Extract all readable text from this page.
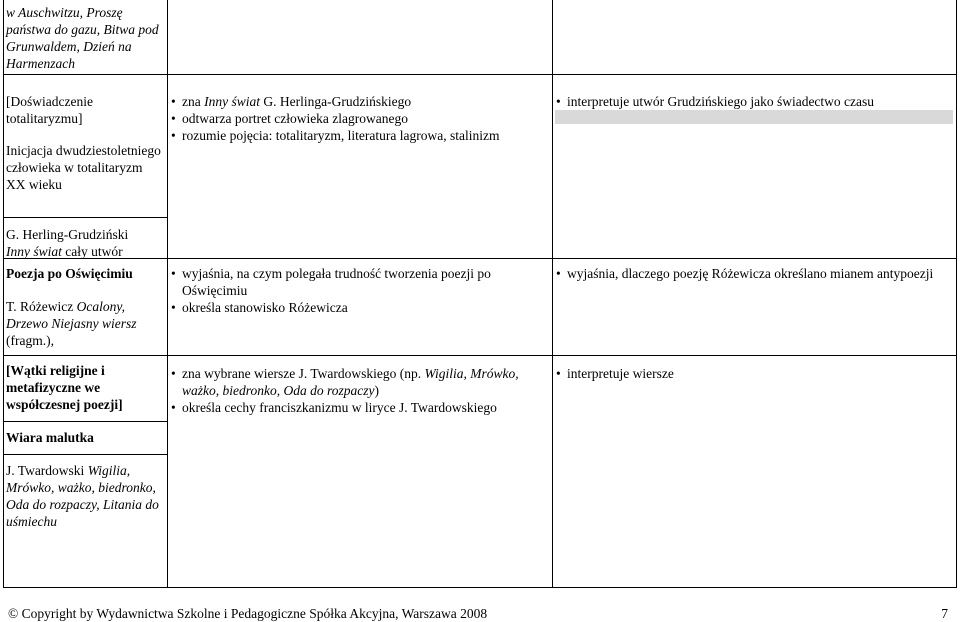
w Auschwitzu, Proszę państwa do gazu, Bitwa pod Grunwaldem, Dzień na Harmenzach
[Doświadczenie totalitaryzmu]
Inicjacja dwudziestoletniego człowieka w totalitaryzm XX wieku
G. Herling-Grudziński
Inny świat cały utwór
• zna Inny świat G. Herlinga-Grudzińskiego
• odtwarza portret człowieka zlagrowanego
• rozumie pojęcia: totalitaryzm, literatura lagrowa, stalinizm
• interpretuje utwór Grudzińskiego jako świadectwo czasu
Poezja po Oświęcimiu
T. Różewicz Ocalony, Drzewo Niejasny wiersz (fragm.),
• wyjaśnia, na czym polegała trudność tworzenia poezji po Oświęcimiu
• określa stanowisko Różewicza
• wyjaśnia, dlaczego poezję Różewicza określano mianem antypoezji
[Wątki religijne i metafizyczne we współczesnej poezji]
Wiara malutka
J. Twardowski Wigilia, Mrówko, ważko, biedronko, Oda do rozpaczy, Litania do uśmiechu
• zna wybrane wiersze J. Twardowskiego (np. Wigilia, Mrówko, ważko, biedronko, Oda do rozpaczy)
• określa cechy franciszkanizmu w liryce J. Twardowskiego
• interpretuje wiersze
© Copyright by Wydawnictwa Szkolne i Pedagogiczne Spółka Akcyjna, Warszawa 2008	7
